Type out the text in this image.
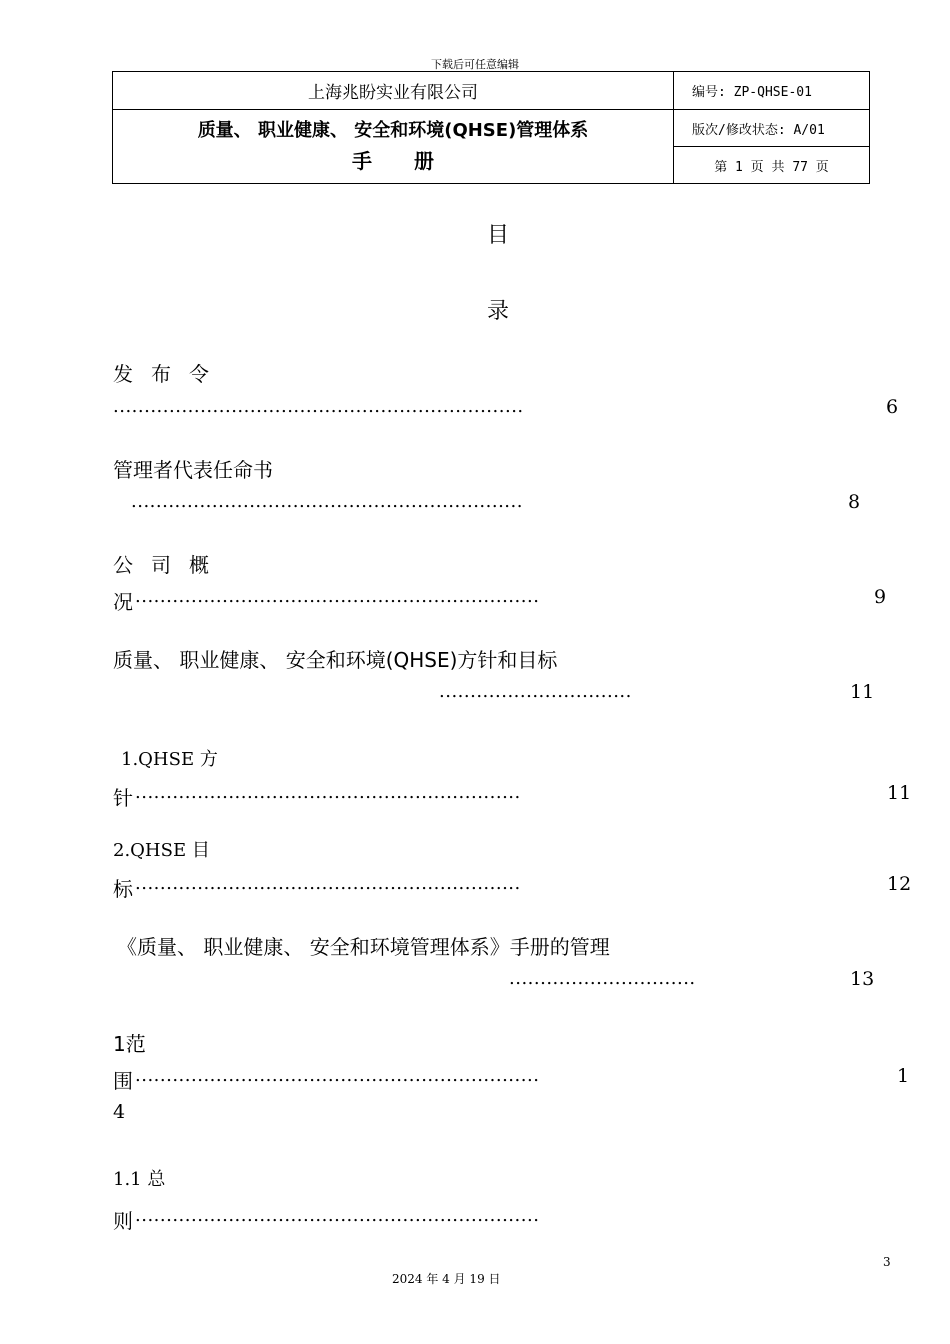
下载后可任意编辑
上海兆盼实业有限公司	编号: ZP-QHSE-01

质量、 职业健康、 安全和环境(QHSE)管理体系
手册	版次/修改状态: A/01
	第 1 页 共 77 页
目
录
发布令
..................................................................	6
管理者代表任命书
...............................................................	8
公司概
况 .................................................................	9
质量、 职业健康、 安全和环境(QHSE)方针和目标
...............................	11
1.QHSE 方
针 ..............................................................	11
2.QHSE 目
标 ..............................................................	12
《质量、 职业健康、 安全和环境管理体系》手册的管理
..............................	13
1范
围 .................................................................	1
4
1.1 总
则 .................................................................
3
2024 年 4 月 19 日
